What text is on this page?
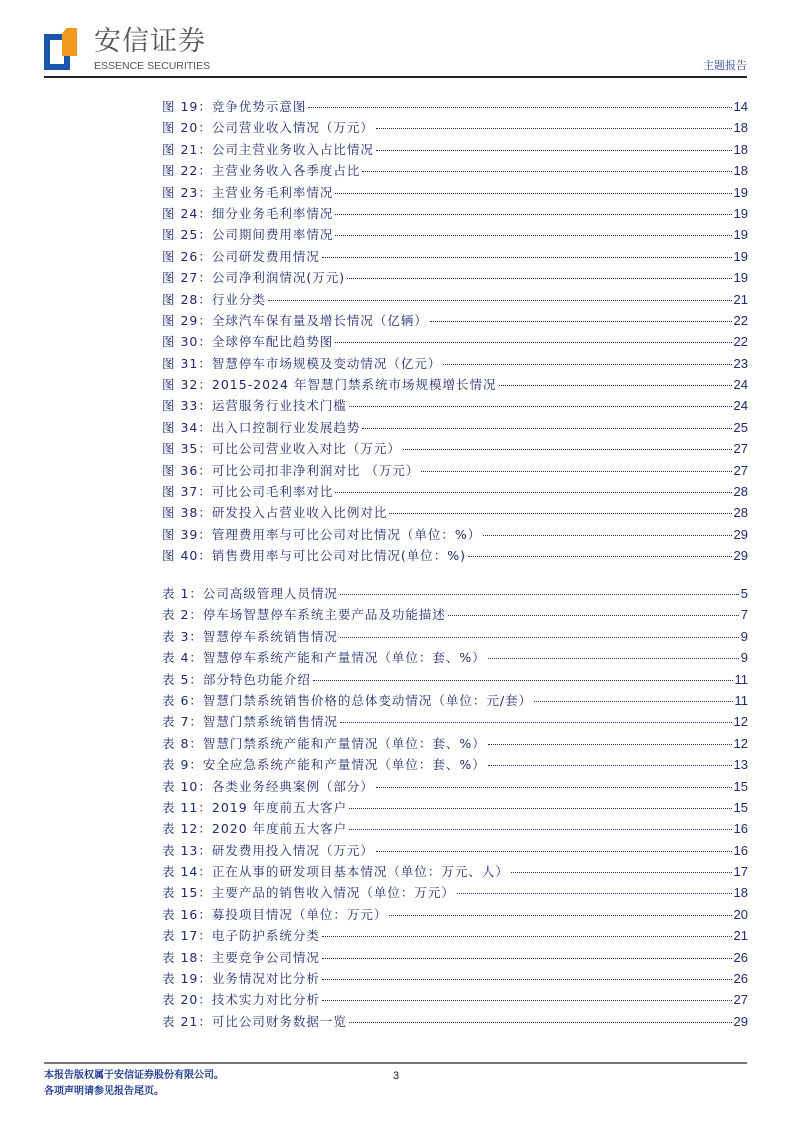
安信证券
ESSENCE SECURITIES	主题报告
图 19：竞争优势示意图	14
图 20：公司营业收入情况（万元）	18
图 21：公司主营业务收入占比情况	18
图 22：主营业务收入各季度占比	18
图 23：主营业务毛利率情况	19
图 24：细分业务毛利率情况	19
图 25：公司期间费用率情况	19
图 26：公司研发费用情况	19
图 27：公司净利润情况(万元)	19
图 28：行业分类	21
图 29：全球汽车保有量及增长情况（亿辆）	22
图 30：全球停车配比趋势图	22
图 31：智慧停车市场规模及变动情况（亿元）	23
图 32：2015-2024 年智慧门禁系统市场规模增长情况	24
图 33：运营服务行业技术门槛	24
图 34：出入口控制行业发展趋势	25
图 35：可比公司营业收入对比（万元）	27
图 36：可比公司扣非净利润对比 （万元）	27
图 37：可比公司毛利率对比	28
图 38：研发投入占营业收入比例对比	28
图 39：管理费用率与可比公司对比情况（单位：%）	29
图 40：销售费用率与可比公司对比情况(单位：%)	29
表 1：公司高级管理人员情况	5
表 2：停车场智慧停车系统主要产品及功能描述	7
表 3：智慧停车系统销售情况	9
表 4：智慧停车系统产能和产量情况（单位：套、%）	9
表 5：部分特色功能介绍	11
表 6：智慧门禁系统销售价格的总体变动情况（单位：元/套）	11
表 7：智慧门禁系统销售情况	12
表 8：智慧门禁系统产能和产量情况（单位：套、%）	12
表 9：安全应急系统产能和产量情况（单位：套、%）	13
表 10：各类业务经典案例（部分）	15
表 11：2019 年度前五大客户	15
表 12：2020 年度前五大客户	16
表 13：研发费用投入情况（万元）	16
表 14：正在从事的研发项目基本情况（单位：万元、人）	17
表 15：主要产品的销售收入情况（单位：万元）	18
表 16：募投项目情况（单位：万元）	20
表 17：电子防护系统分类	21
表 18：主要竞争公司情况	26
表 19：业务情况对比分析	26
表 20：技术实力对比分析	27
表 21：可比公司财务数据一览	29
本报告版权属于安信证券股份有限公司。
各项声明请参见报告尾页。
3
